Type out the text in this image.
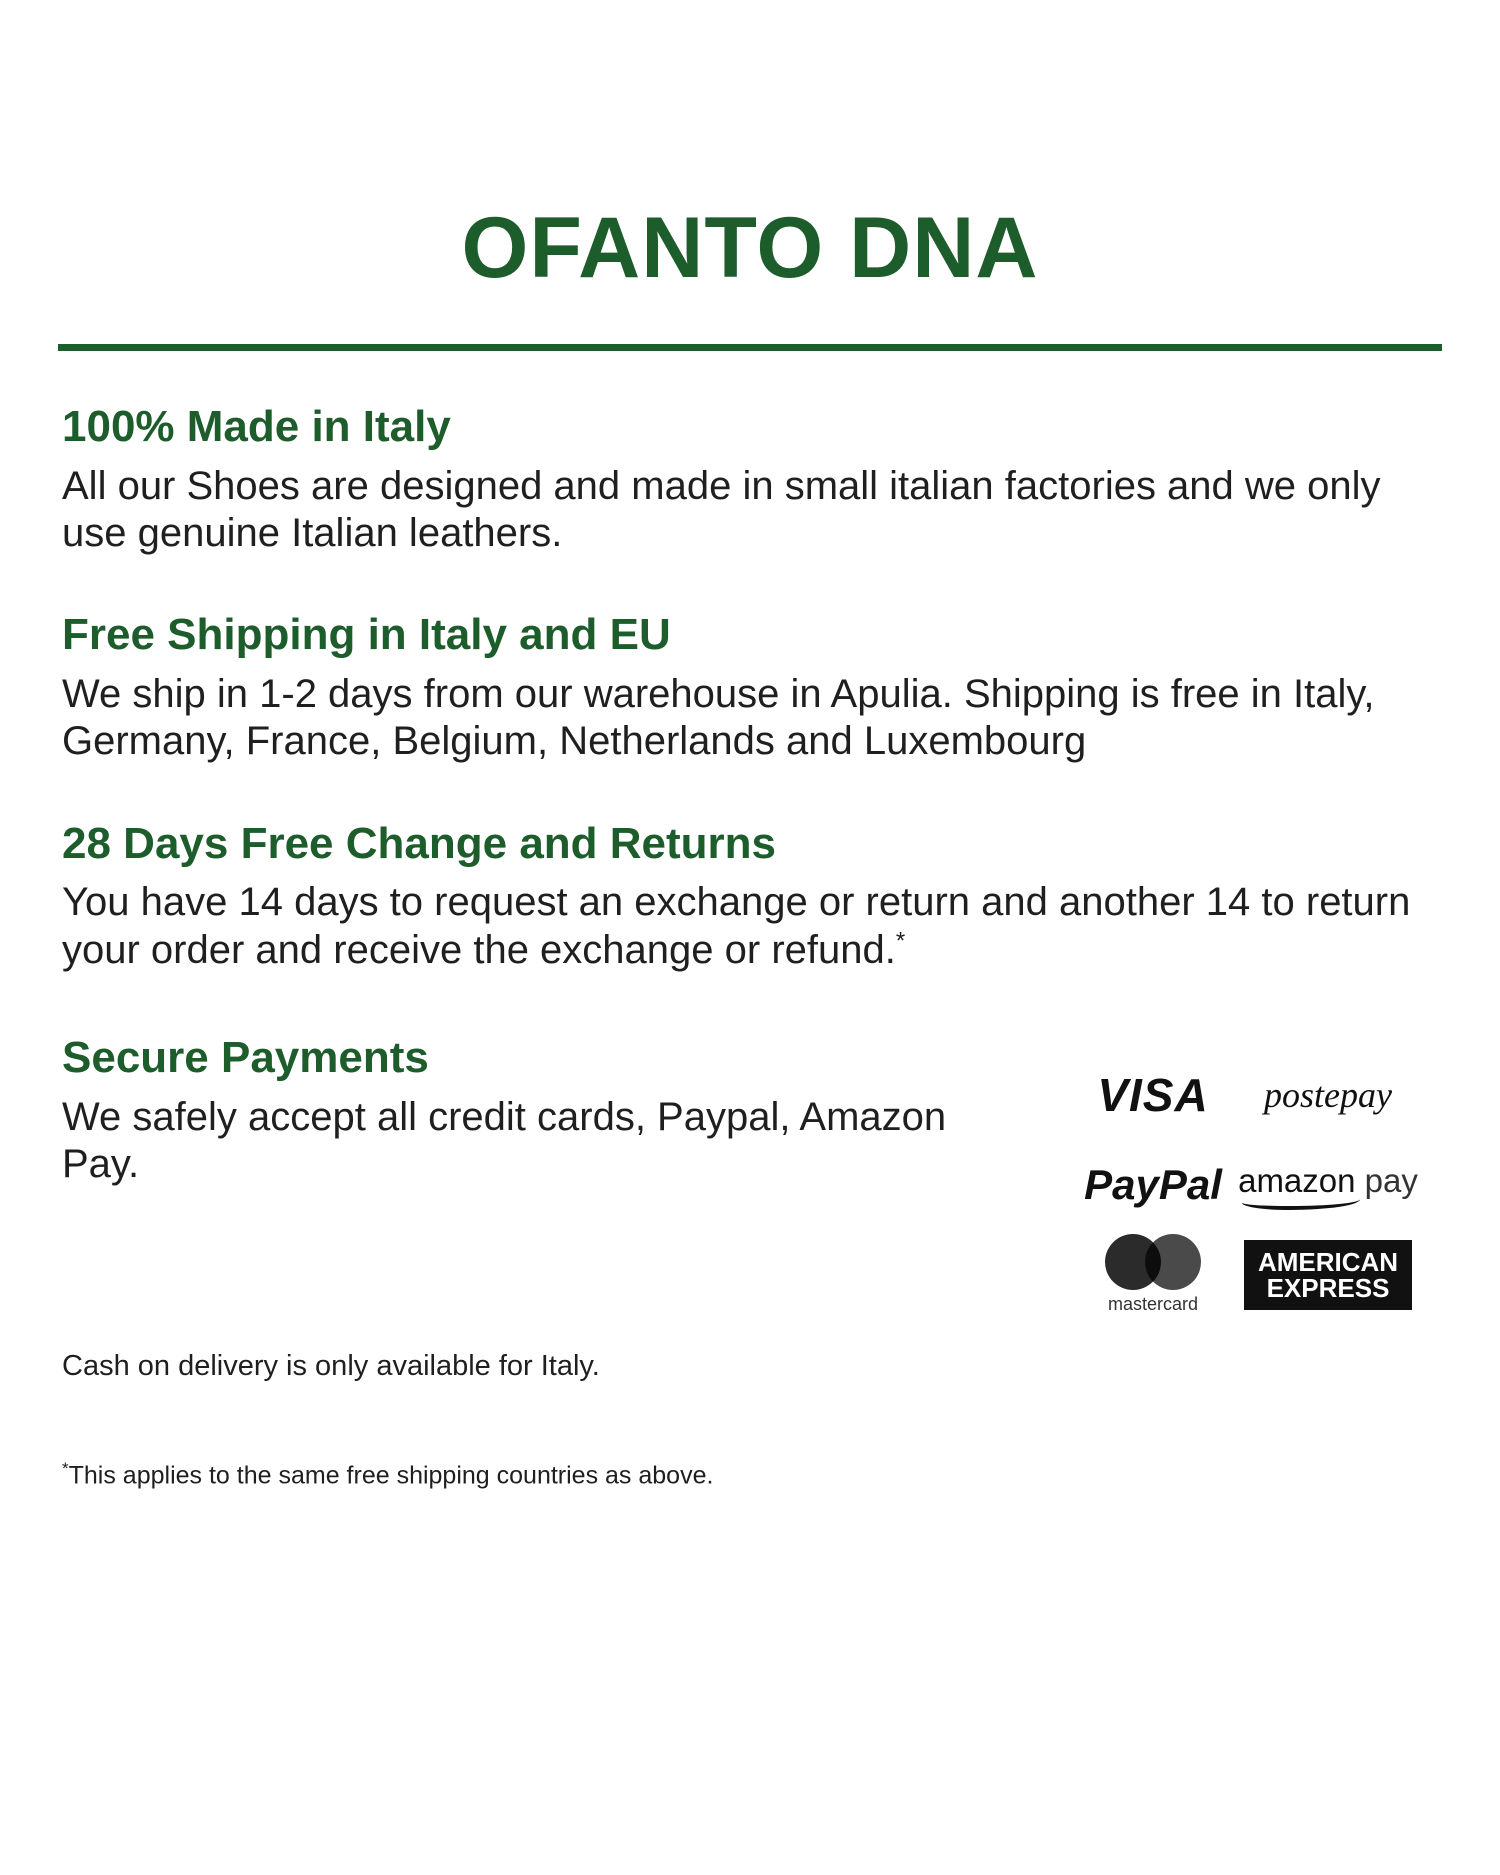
OFANTO DNA
100% Made in Italy

All our Shoes are designed and made in small italian factories and we only use genuine Italian leathers.

Free Shipping in Italy and EU

We ship in 1-2 days from our warehouse in Apulia. Shipping is free in Italy, Germany, France, Belgium, Netherlands and Luxembourg

28 Days Free Change and Returns

You have 14 days to request an exchange or return and another 14 to return your order and receive the exchange or refund.*

Secure Payments

We safely accept all credit cards, Paypal, Amazon Pay.

VISA postepay
PayPal amazon pay
mastercard
AMERICAN
EXPRESS

Cash on delivery is only available for Italy.

*This applies to the same free shipping countries as above.
